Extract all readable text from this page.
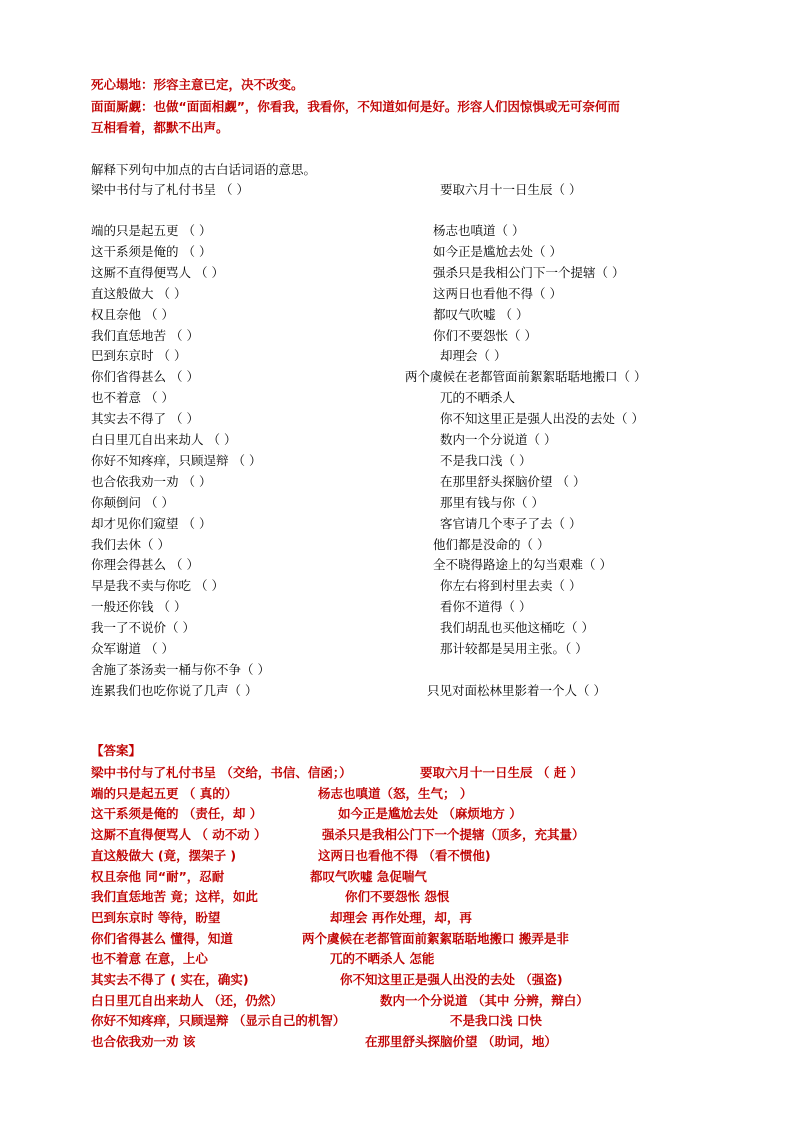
死心塌地：形容主意已定，决不改变。
面面厮觑：也做“面面相觑”，你看我，我看你，不知道如何是好。形容人们因惊惧或无可奈何而
互相看着，都默不出声。
解释下列句中加点的古白话词语的意思。
梁中书付与了札付书呈 （ ）	要取六月十一日生辰（ ）
端的只是起五更 （ ）	杨志也嗔道（ ）
这干系须是俺的 （ ）	如今正是尴尬去处（ ）
这厮不直得便骂人 （ ）	强杀只是我相公门下一个提辖（ ）
直这般做大 （ ）	这两日也看他不得（ ）
权且奈他 （ ）	都叹气吹嘘 （ ）
我们直恁地苦 （ ）	你们不要怨怅（ ）
巴到东京时 （ ）	却理会（ ）
你们省得甚么 （ ）	两个虞候在老都管面前絮絮聒聒地搬口（ ）
也不着意 （ ）	兀的不晒杀人
其实去不得了 （ ）	你不知这里正是强人出没的去处（ ）
白日里兀自出来劫人 （ ）	数内一个分说道（ ）
你好不知疼痒，只顾逞辩 （ ）	不是我口浅（ ）
也合依我劝一劝 （ ）	在那里舒头探脑价望 （ ）
你颠倒问 （ ）	那里有钱与你（ ）
却才见你们窥望 （ ）	客官请几个枣子了去（ ）
我们去休（ ）	他们都是没命的（ ）
你理会得甚么 （ ）	全不晓得路途上的勾当艰难（ ）
早是我不卖与你吃 （ ）	你左右将到村里去卖（ ）
一般还你钱 （ ）	看你不道得（ ）
我一了不说价（ ）	我们胡乱也买他这桶吃（ ）
众军谢道 （ ）	那计较都是吴用主张。（ ）
舍施了茶汤卖一桶与你不争（ ）
连累我们也吃你说了几声（ ）	只见对面松林里影着一个人（ ）
【答案】
梁中书付与了札付书呈 （交给，书信、信函；）	要取六月十一日生辰 （ 赶 ）
端的只是起五更 （ 真的）	杨志也嗔道（怒，生气； ）
这干系须是俺的 （责任，却 ）	如今正是尴尬去处 （麻烦地方 ）
这厮不直得便骂人 （ 动不动 ）	强杀只是我相公门下一个提辖（顶多，充其量）
直这般做大 (竟，摆架子 )	这两日也看他不得 （看不惯他)
权且奈他 同“耐”，忍耐	都叹气吹嘘 急促喘气
我们直恁地苦 竟；这样，如此	你们不要怨怅 怨恨
巴到东京时 等待，盼望	却理会 再作处理，却，再
你们省得甚么 懂得，知道	两个虞候在老都管面前絮絮聒聒地搬口 搬弄是非
也不着意 在意，上心	兀的不晒杀人 怎能
其实去不得了 ( 实在，确实)	你不知这里正是强人出没的去处 （强盗)
白日里兀自出来劫人 （还，仍然）	数内一个分说道 （其中 分辨，辩白）
你好不知疼痒，只顾逞辩 （显示自己的机智）	不是我口浅 口快
也合依我劝一劝 该	在那里舒头探脑价望 （助词，地）
